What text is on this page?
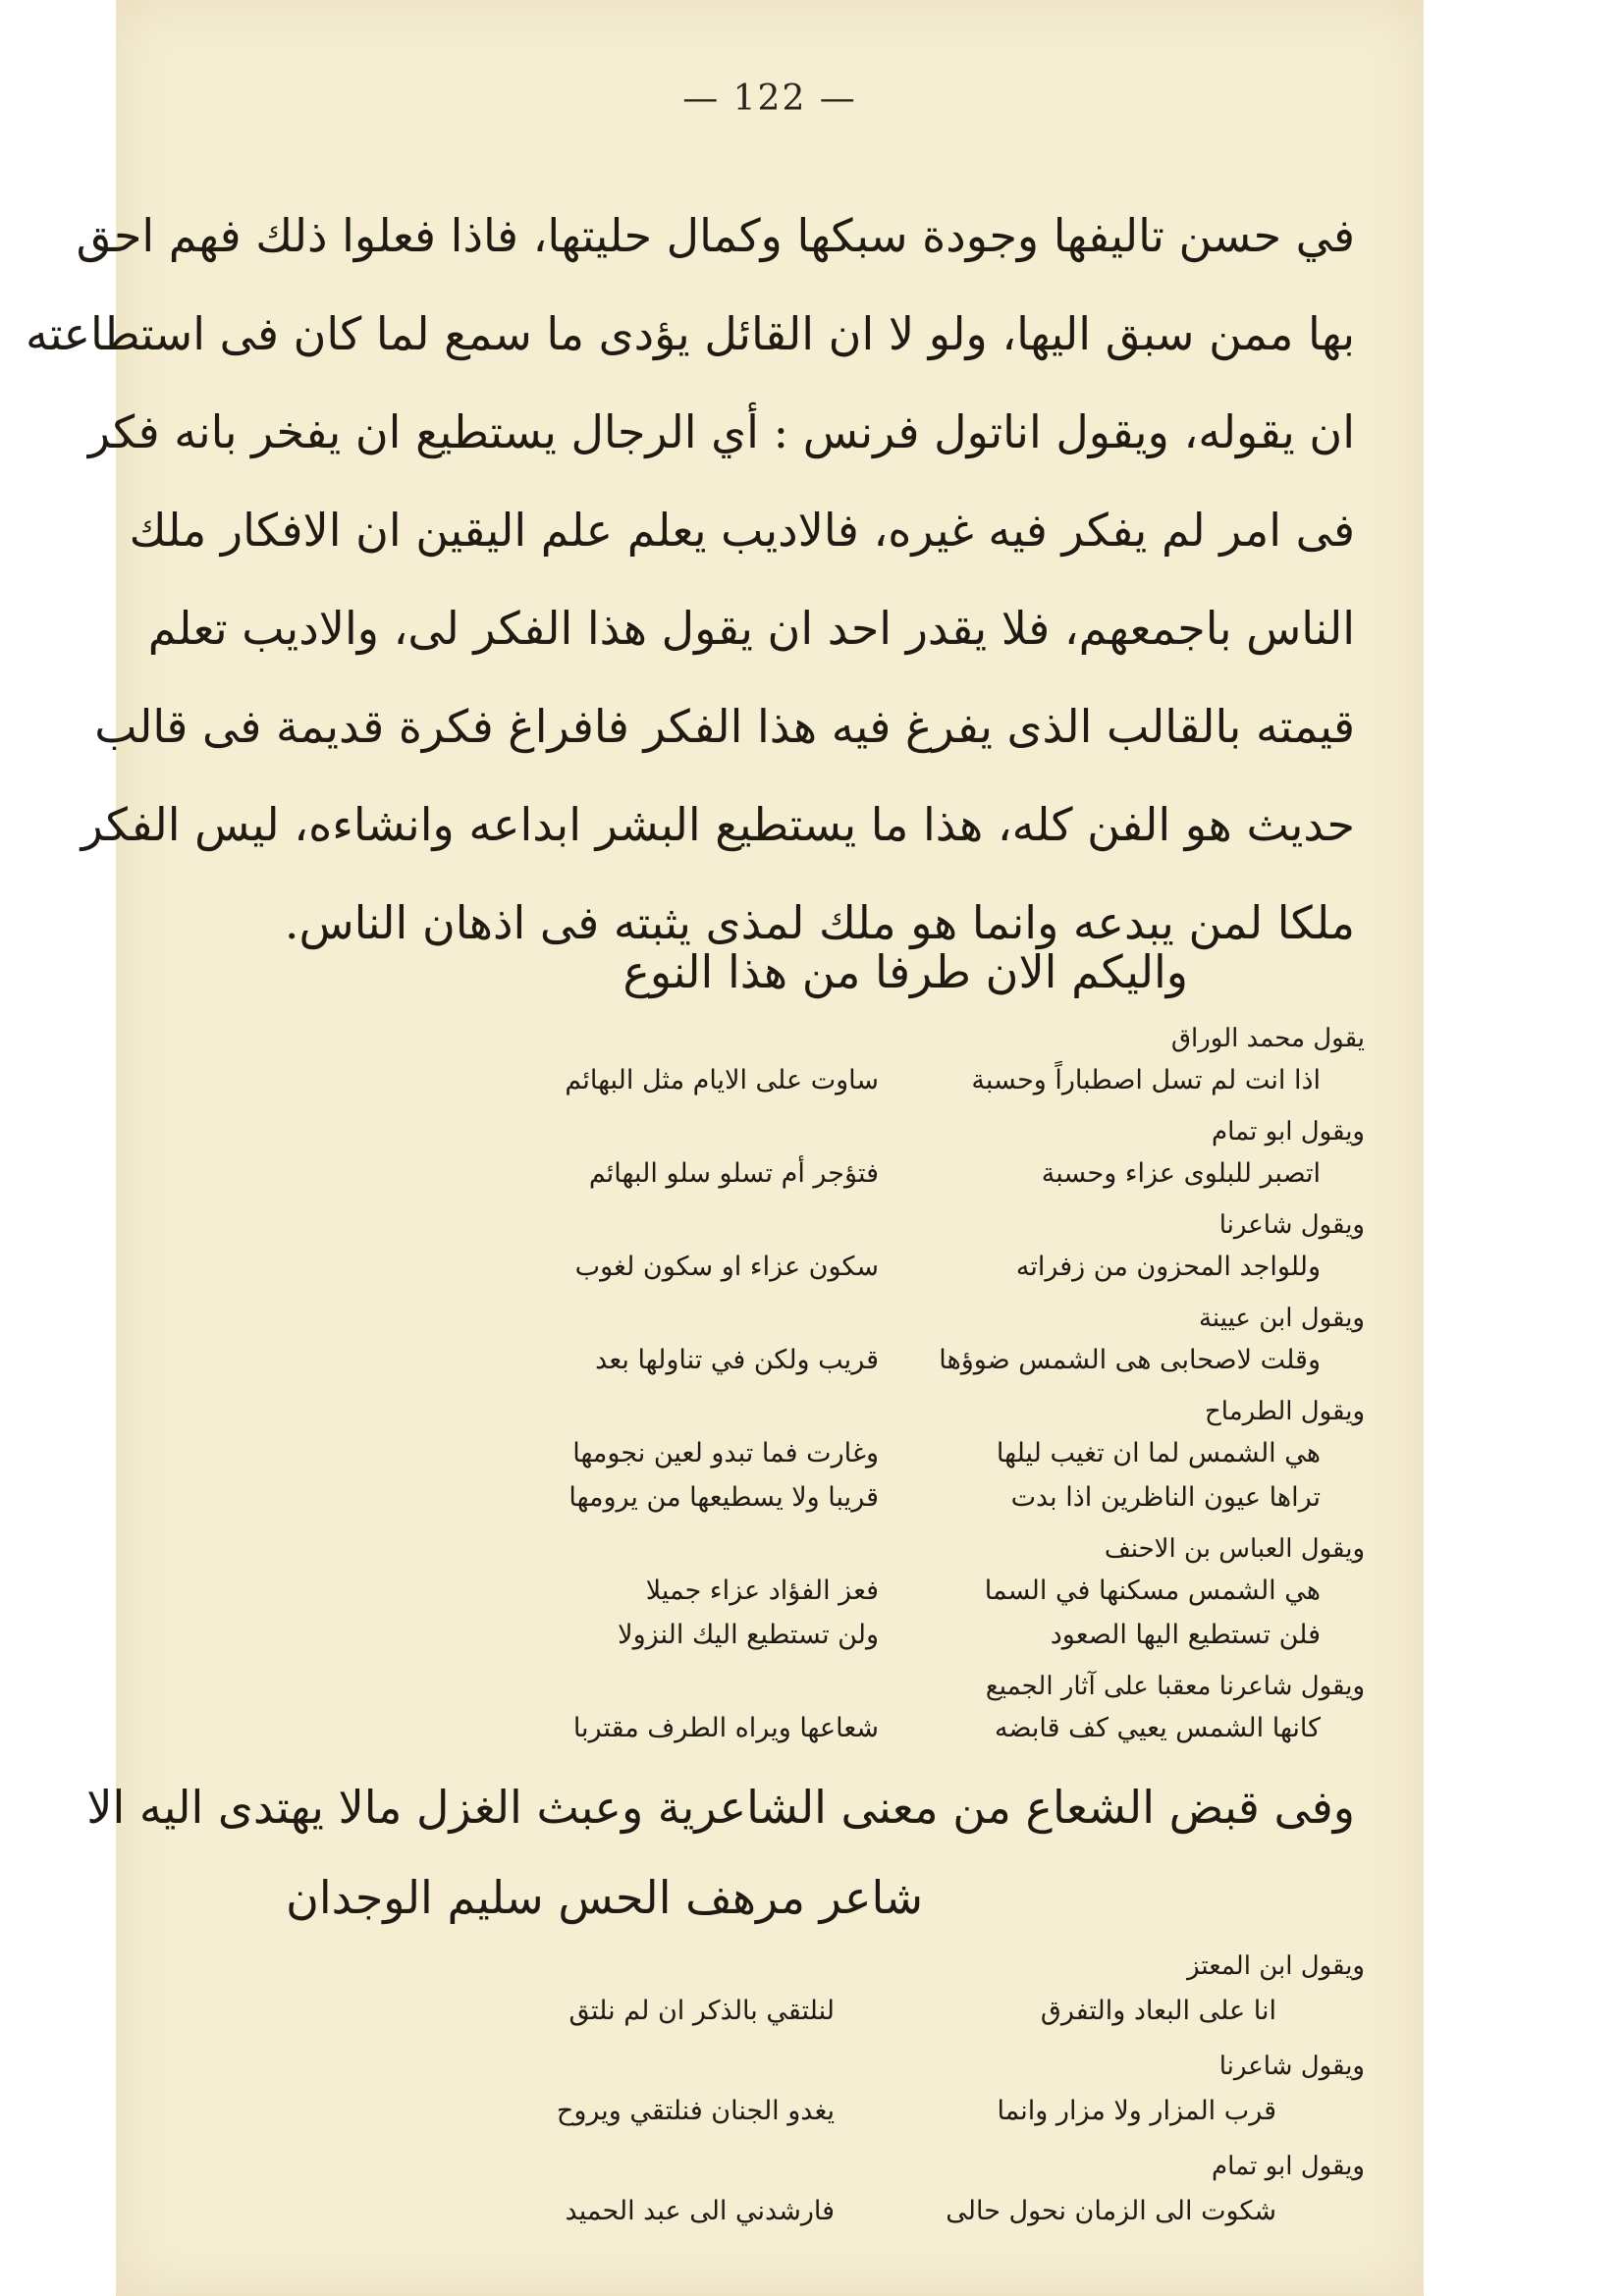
— 122 —
في حسن تاليفها وجودة سبكها وكمال حليتها، فاذا فعلوا ذلك فهم احق
بها ممن سبق اليها، ولو لا ان القائل يؤدى ما سمع لما كان فى استطاعته
ان يقوله، ويقول اناتول فرنس : أي الرجال يستطيع ان يفخر بانه فكر
فى امر لم يفكر فيه غيره، فالاديب يعلم علم اليقين ان الافكار ملك
الناس باجمعهم، فلا يقدر احد ان يقول هذا الفكر لى، والاديب تعلم
قيمته بالقالب الذى يفرغ فيه هذا الفكر فافراغ فكرة قديمة فى قالب
حديث هو الفن كله، هذا ما يستطيع البشر ابداعه وانشاءه، ليس الفكر
ملكا لمن يبدعه وانما هو ملك لمذى يثبته فى اذهان الناس.
واليكم الان طرفا من هذا النوع
يقول محمد الوراق
اذا انت لم تسل اصطباراً وحسبة
ساوت على الايام مثل البهائم
ويقول ابو تمام
اتصبر للبلوى عزاء وحسبة
فتؤجر أم تسلو سلو البهائم
ويقول شاعرنا
وللواجد المحزون من زفراته
سكون عزاء او سكون لغوب
ويقول ابن عيينة
وقلت لاصحابى هى الشمس ضوؤها
قريب ولكن في تناولها بعد
ويقول الطرماح
هي الشمس لما ان تغيب ليلها
وغارت فما تبدو لعين نجومها
تراها عيون الناظرين اذا بدت
قريبا ولا يسطيعها من يرومها
ويقول العباس بن الاحنف
هي الشمس مسكنها في السما
فعز الفؤاد عزاء جميلا
فلن تستطيع اليها الصعود
ولن تستطيع اليك النزولا
ويقول شاعرنا معقبا على آثار الجميع
كانها الشمس يعيي كف قابضه
شعاعها ويراه الطرف مقتربا
وفى قبض الشعاع من معنى الشاعرية وعبث الغزل مالا يهتدى اليه الا
شاعر مرهف الحس سليم الوجدان
ويقول ابن المعتز
انا على البعاد والتفرق
لنلتقي بالذكر ان لم نلتق
ويقول شاعرنا
قرب المزار ولا مزار وانما
يغدو الجنان فنلتقي ويروح
ويقول ابو تمام
شكوت الى الزمان نحول حالى
فارشدني الى عبد الحميد
